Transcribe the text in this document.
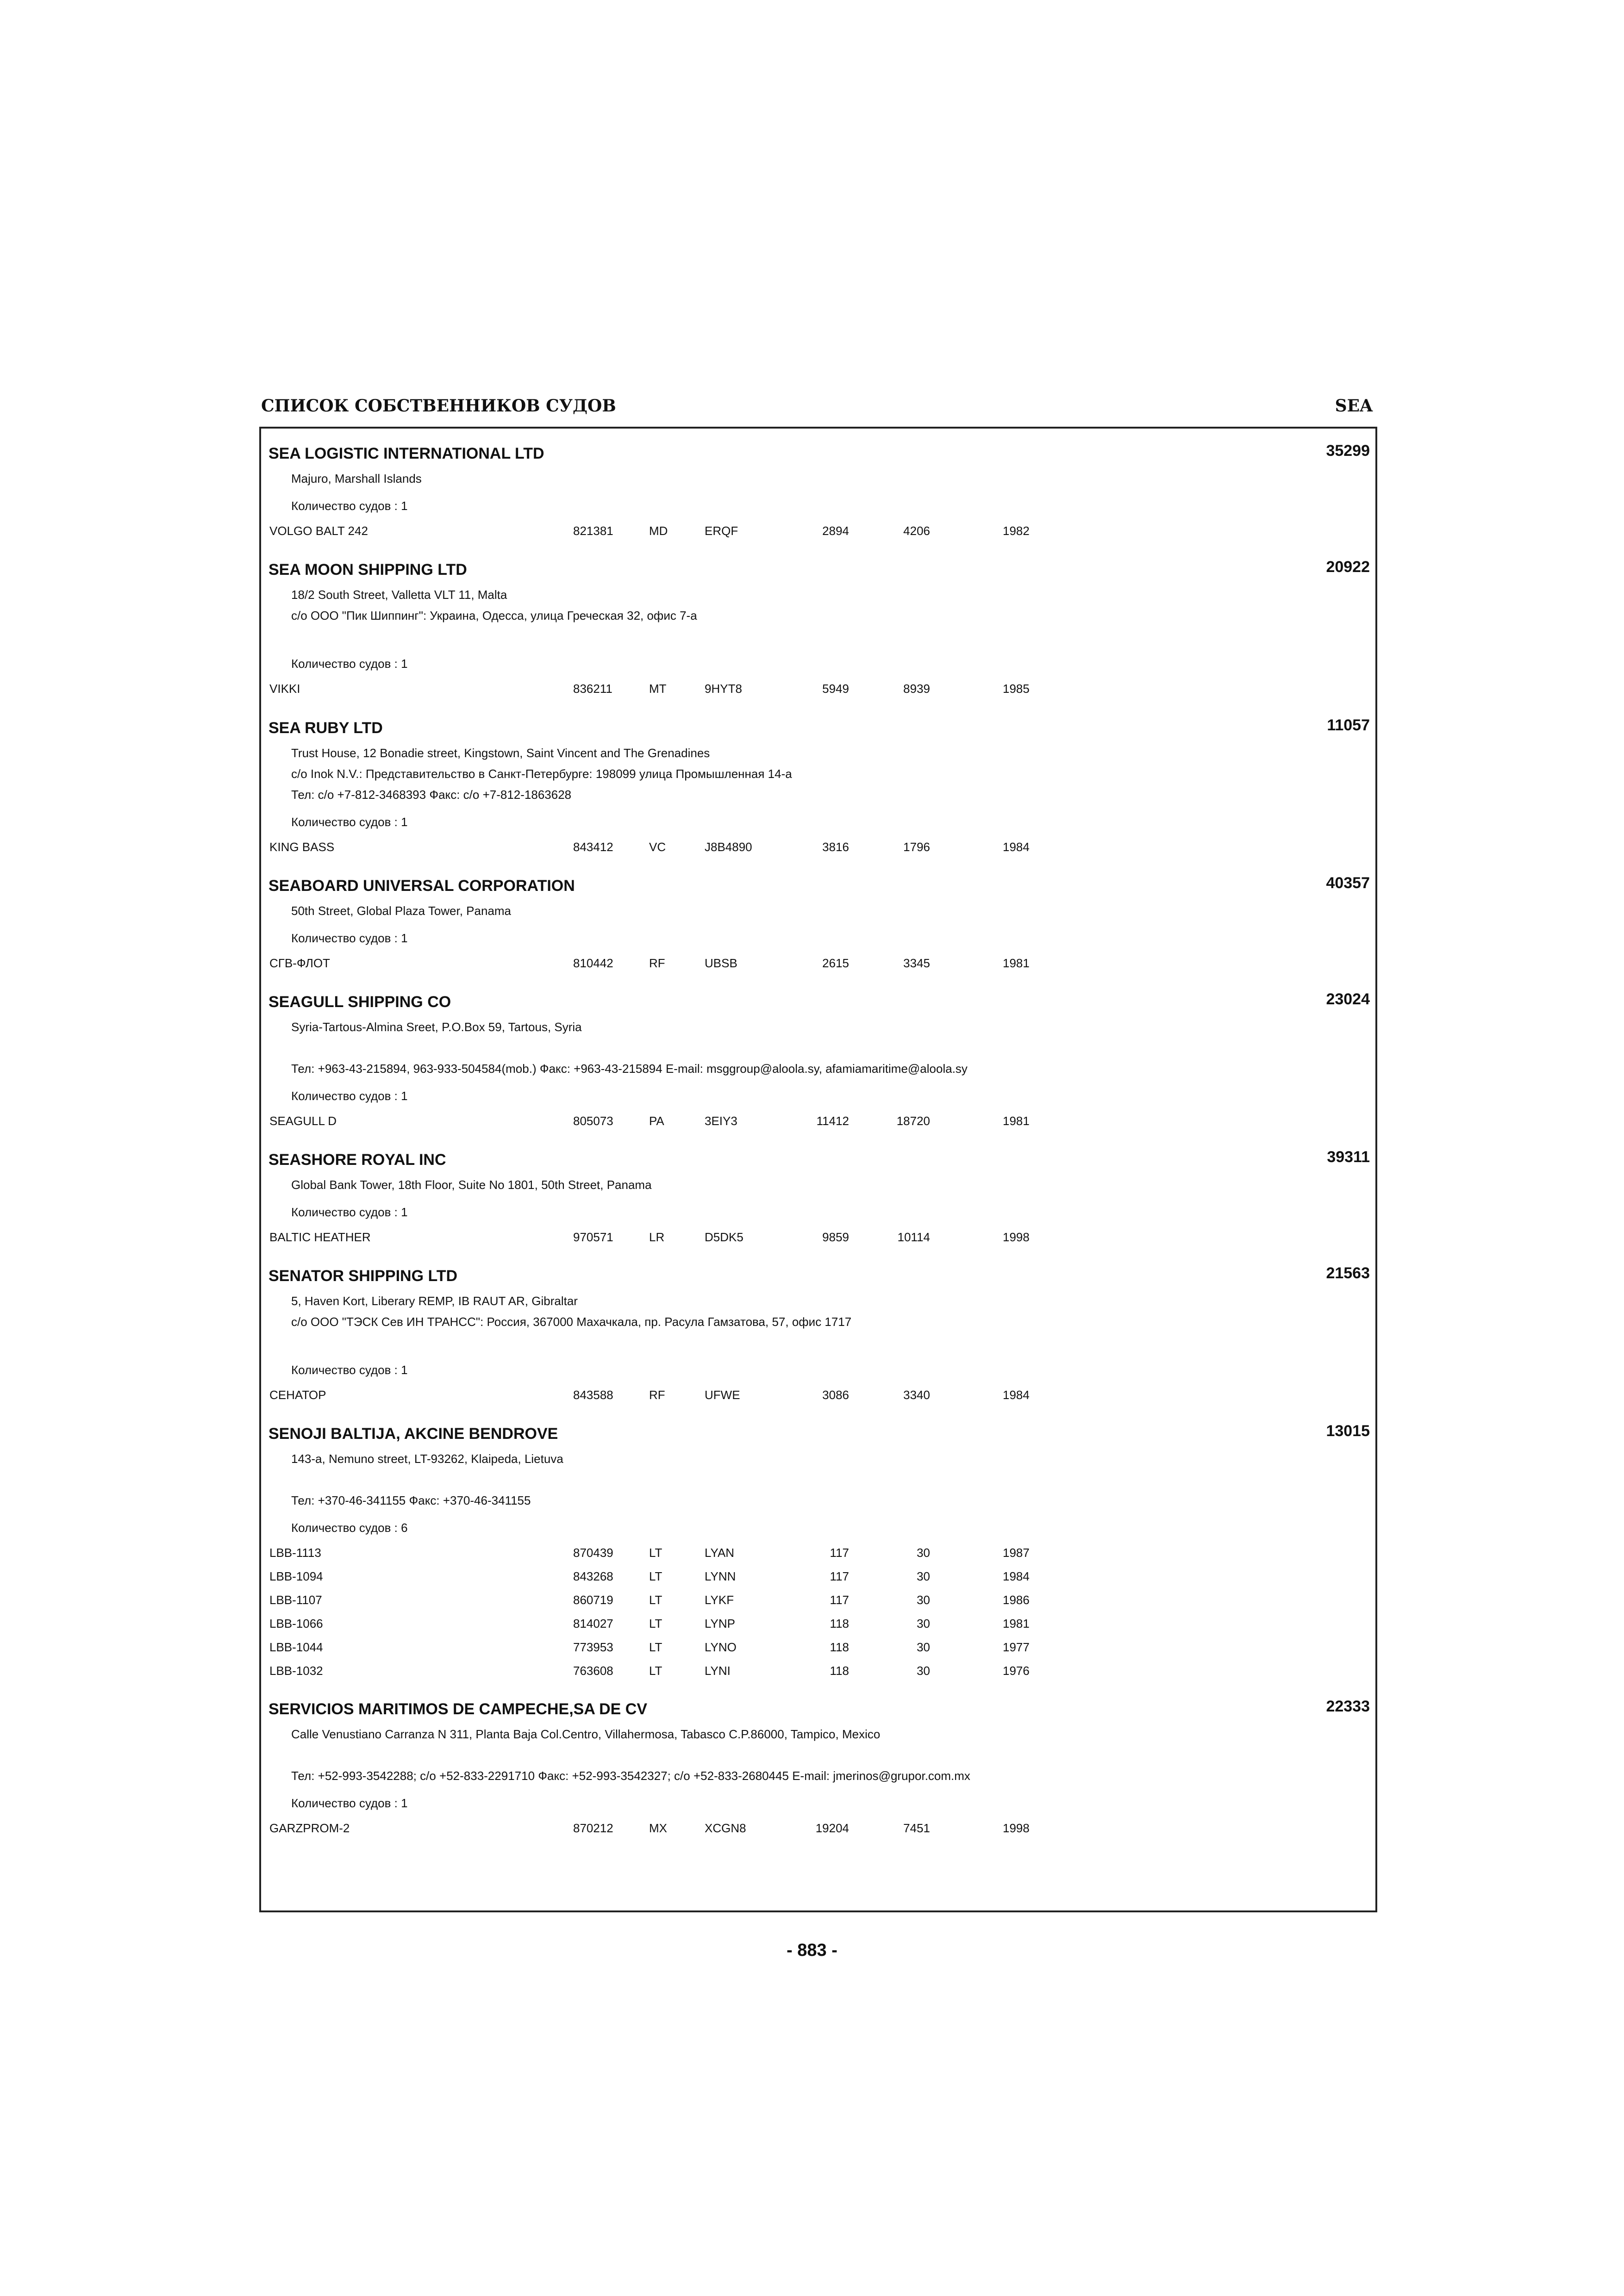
СПИСОК СОБСТВЕННИКОВ СУДОВ	SEA
SEA LOGISTIC INTERNATIONAL LTD	35299
Majuro, Marshall Islands
Количество судов : 1
VOLGO BALT 242	821381	MD	ERQF	2894	4206	1982
SEA MOON SHIPPING LTD	20922
18/2 South Street, Valletta VLT 11, Malta
с/о ООО "Пик Шиппинг": Украина, Одесса, улица Греческая 32, офис 7-а
Количество судов : 1
VIKKI	836211	MT	9HYT8	5949	8939	1985
SEA RUBY LTD	11057
Trust House, 12 Bonadie street, Kingstown, Saint Vincent and The Grenadines
с/о Inok N.V.: Представительство в Санкт-Петербурге: 198099 улица Промышленная 14-а
Тел: с/о +7-812-3468393 Факс: с/о +7-812-1863628
Количество судов : 1
KING BASS	843412	VC	J8B4890	3816	1796	1984
SEABOARD UNIVERSAL CORPORATION	40357
50th Street, Global Plaza Tower, Panama
Количество судов : 1
СГВ-ФЛОТ	810442	RF	UBSB	2615	3345	1981
SEAGULL SHIPPING CO	23024
Syria-Tartous-Almina Sreet, P.O.Box 59, Tartous, Syria
Тел: +963-43-215894, 963-933-504584(mob.) Факс: +963-43-215894 E-mail: msggroup@aloola.sy, afamiamaritime@aloola.sy
Количество судов : 1
SEAGULL D	805073	PA	3EIY3	11412	18720	1981
SEASHORE ROYAL INC	39311
Global Bank Tower, 18th Floor, Suite No 1801, 50th Street, Panama
Количество судов : 1
BALTIC HEATHER	970571	LR	D5DK5	9859	10114	1998
SENATOR SHIPPING LTD	21563
5, Haven Kort, Liberary REMP, IB RAUT AR, Gibraltar
с/о ООО "ТЭСК Сев ИН ТРАНСС": Россия, 367000 Махачкала, пр. Расула Гамзатова, 57, офис 1717
Количество судов : 1
СЕНАТОР	843588	RF	UFWE	3086	3340	1984
SENOJI BALTIJA, AKCINE BENDROVE	13015
143-a, Nemuno street, LT-93262, Klaipeda, Lietuva
Тел: +370-46-341155 Факс: +370-46-341155
Количество судов : 6
LBB-1113	870439	LT	LYAN	117	30	1987
LBB-1094	843268	LT	LYNN	117	30	1984
LBB-1107	860719	LT	LYKF	117	30	1986
LBB-1066	814027	LT	LYNP	118	30	1981
LBB-1044	773953	LT	LYNO	118	30	1977
LBB-1032	763608	LT	LYNI	118	30	1976
SERVICIOS MARITIMOS DE CAMPECHE,SA DE CV	22333
Calle Venustiano Carranza N 311, Planta Baja Col.Centro, Villahermosa, Tabasco C.P.86000, Tampico, Mexico
Тел: +52-993-3542288; c/o +52-833-2291710 Факс: +52-993-3542327; c/o +52-833-2680445 E-mail: jmerinos@grupor.com.mx
Количество судов : 1
GARZPROM-2	870212	MX	XCGN8	19204	7451	1998
- 883 -
